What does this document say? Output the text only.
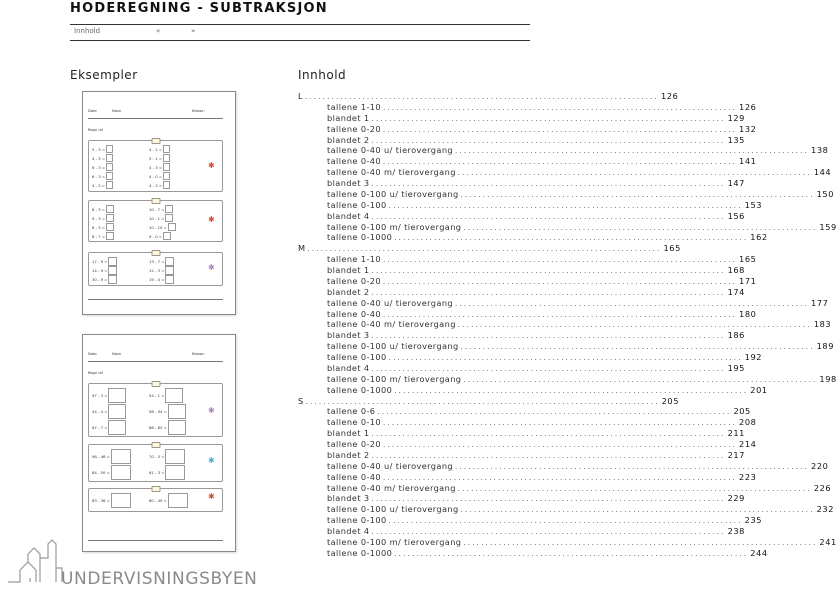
HODEREGNING - SUBTRAKSJON
Innhold	«	»
Eksempler	Innhold
Dato	Navn	Klasse:
Regn ut!
5 - 3 =
4 - 3 =
6 - 3 =
6 - 3 =
4 - 2 =
4 - 1 =
3 - 1 =
4 - 3 =
4 - 0 =
4 - 3 =
✱
8 - 3 =
9 - 3 =
6 - 3 =
8 - 7 =
10 - 7 =
10 - 1 =
10 - 10 =
9 - 0 =
✱
17 - 9 =
14 - 9 =
30 - 9 =
13 - 7 =
12 - 3 =
19 - 4 =
✱
Dato	Navn	Klasse:
Regn ut!
97 - 3 =
44 - 4 =
87 - 7 =
54 - 1 =
98 - 94 =
86 - 82 =
✱
98 - 46 =
84 - 50 =
70 - 3 =
61 - 3 =
✱
63 - 36 =	60 - 49 =	✱
L ................................................................................ 126
tallene 1-10 ................................................................................ 126
blandet 1 ................................................................................ 129
tallene 0-20 ................................................................................ 132
blandet 2 ................................................................................ 135
tallene 0-40 u/ tierovergang ................................................................................ 138
tallene 0-40 ................................................................................ 141
tallene 0-40 m/ tierovergang ................................................................................ 144
blandet 3 ................................................................................ 147
tallene 0-100 u/ tierovergang ................................................................................ 150
tallene 0-100 ................................................................................ 153
blandet 4 ................................................................................ 156
tallene 0-100 m/ tierovergang ................................................................................ 159
tallene 0-1000 ................................................................................ 162
M ................................................................................ 165
tallene 1-10 ................................................................................ 165
blandet 1 ................................................................................ 168
tallene 0-20 ................................................................................ 171
blandet 2 ................................................................................ 174
tallene 0-40 u/ tierovergang ................................................................................ 177
tallene 0-40 ................................................................................ 180
tallene 0-40 m/ tierovergang ................................................................................ 183
blandet 3 ................................................................................ 186
tallene 0-100 u/ tierovergang ................................................................................ 189
tallene 0-100 ................................................................................ 192
blandet 4 ................................................................................ 195
tallene 0-100 m/ tierovergang ................................................................................ 198
tallene 0-1000 ................................................................................ 201
S ................................................................................ 205
tallene 0-6 ................................................................................ 205
tallene 0-10 ................................................................................ 208
blandet 1 ................................................................................ 211
tallene 0-20 ................................................................................ 214
blandet 2 ................................................................................ 217
tallene 0-40 u/ tierovergang ................................................................................ 220
tallene 0-40 ................................................................................ 223
tallene 0-40 m/ tierovergang ................................................................................ 226
blandet 3 ................................................................................ 229
tallene 0-100 u/ tierovergang ................................................................................ 232
tallene 0-100 ................................................................................ 235
blandet 4 ................................................................................ 238
tallene 0-100 m/ tierovergang ................................................................................ 241
tallene 0-1000 ................................................................................ 244
UNDERVISNINGSBYEN
